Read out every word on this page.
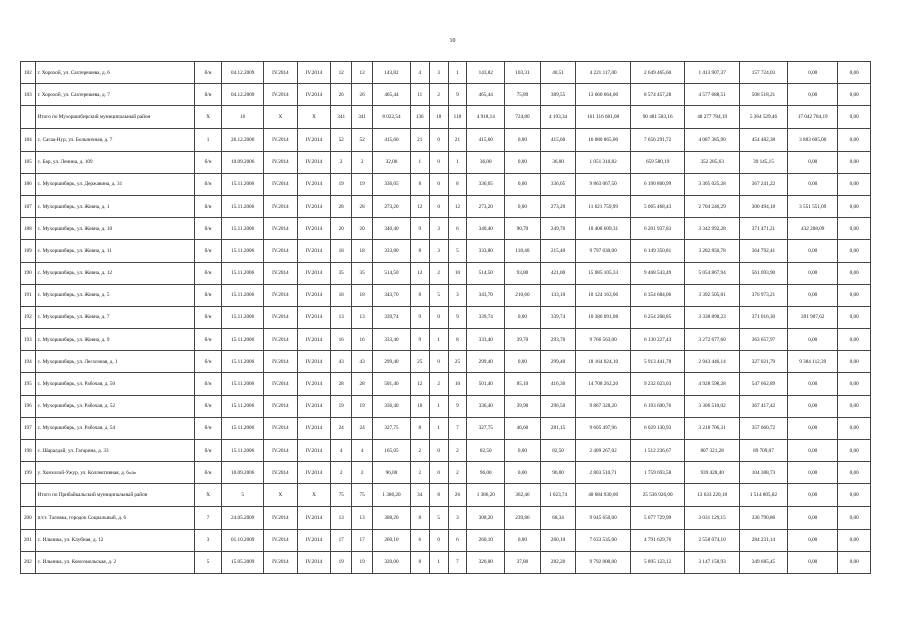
10
182	г. Хорохой, ул. Сахтерешева, д. 6	б/н	04.12.2009	IV.2014	IV.2014	12	12	143,82	4	3	1	143,82	103,31	40,51	4 221 117,00	2 649 465,60	1 413 907,37	157 724,03	0,00	0,00
183	г. Хорохой, ул. Сахтерешева, д. 7	б/н	04.12.2009	IV.2014	IV.2014	26	26	465,44	11	2	9	465,44	75,89	389,55	13 660 664,00	8 574 457,28	4 577 688,51	508 518,21	0,00	0,00
	Итого по Мухоршибирский муниципальный район	X	16	X	X	341	341	8 022,54	136	18	118	4 918,14	724,80	4 193,34	161 116 681,00	90 481 583,16	48 277 784,19	5 364 529,46	17 042 784,19	0,00
184	с. Сагаа-Нур, ул. Больничная, д. 7	1	26.12.2006	IV.2014	IV.2014	52	52	415,60	21	0	21	415,60	0,00	415,60	16 080 865,00	7 656 291,72	4 087 385,90	454 482,38	3 883 605,00	0,00
185	с. Бар, ул. Ленина, д. 109	б/н	10.09.2006	IV.2014	IV.2014	2	2	32,00	1	0	1	36,00	0,00	36,00	1 051 316,82	659 580,19	352 285,63	39 145,15	0,00	0,00
186	с. Мухоршибирь, ул. Державина, д. 31	б/н	15.11.2006	IV.2014	IV.2014	19	19	336,05	8	0	8	336,05	0,00	336,05	9 863 067,50	6 190 800,99	3 305 025,28	367 241,22	0,00	0,00
187	с. Мухоршибирь, ул. Жовна, д. 1	б/н	15.11.2006	IV.2014	IV.2014	28	28	273,20	12	0	12	273,20	0,00	273,20	11 621 759,99	5 065 468,43	2 704 246,29	300 494,18	3 551 551,09	0,00
188	с. Мухоршибирь, ул. Жовна, д. 10	б/н	15.11.2006	IV.2014	IV.2014	20	20	340,40	9	3	6	340,40	90,70	249,70	10 408 609,31	6 201 937,83	3 342 992,28	371 471,21	432 208,09	0,00
189	с. Мухоршибирь, ул. Жовна, д. 11	б/н	15.11.2006	IV.2014	IV.2014	18	18	333,80	8	3	5	333,80	118,40	215,40	9 797 030,00	6 149 350,81	3 282 856,78	364 792,41	0,00	0,00
190	с. Мухоршибирь, ул. Жовна, д. 12	б/н	15.11.2006	IV.2014	IV.2014	35	35	514,50	12	2	10	514,50	93,80	421,00	15 085 105,33	9 468 543,49	5 054 867,94	561 693,90	0,00	0,00
191	с. Мухоршибирь, ул. Жовна, д. 5	б/н	15.11.2006	IV.2014	IV.2014	18	18	343,70	8	5	3	343,70	210,60	133,10	10 124 163,06	6 354 684,06	3 392 505,81	376 973,21	0,00	0,00
192	с. Мухоршибирь, ул. Жовна, д. 7	б/н	15.11.2006	IV.2014	IV.2014	13	13	339,74	9	0	9	339,74	0,00	339,74	10 386 091,08	6 254 268,85	3 338 898,23	371 016,30	391 907,62	0,00
193	с. Мухоршибирь, ул. Жовна, д. 9	б/н	15.11.2006	IV.2014	IV.2014	16	16	333,40	9	1	8	333,40	39,70	293,70	9 766 563,00	6 130 227,43	3 272 677,60	363 657,97	0,00	0,00
194	с. Мухоршибирь, ул. Лесхозная, д. 1	б/н	15.11.2006	IV.2014	IV.2014	43	43	299,40	25	0	25	299,40	0,00	299,40	18 164 024,10	5 913 441,78	2 943 446,14	327 021,79	9 384 112,39	0,00
195	с. Мухоршибирь, ул. Рабочая, д. 50	б/н	15.11.2006	IV.2014	IV.2014	28	28	501,40	12	2	10	501,40	85,10	416,30	14 708 262,20	9 232 023,03	4 928 598,28	547 662,89	0,00	0,00
196	с. Мухоршибирь, ул. Рабочая, д. 52	б/н	15.11.2006	IV.2014	IV.2014	19	19	336,40	10	1	9	336,40	39,90	296,50	9 867 328,20	6 193 600,76	3 306 510,02	367 417,42	0,00	0,00
197	с. Мухоршибирь, ул. Рабочая, д. 54	б/н	15.11.2006	IV.2014	IV.2014	24	24	327,75	8	1	7	327,75	46,60	281,15	9 605 497,96	6 029 130,93	3 218 706,31	357 660,72	0,00	0,00
198	с. Шаралдай, ул. Гагарина, д. 33	б/н	15.11.2006	IV.2014	IV.2014	4	4	165,05	2	0	2	82,50	0,00	82,50	2 409 267,02	1 512 236,67	807 321,28	89 709,07	0,00	0,00
199	у. Хонхолой-Ужур, ул. Коллективная, д. 6«а»	б/н	10.09.2006	IV.2014	IV.2014	2	2	96,00	2	0	2	96,00	0,00	96,00	2 803 510,71	1 759 693,58	939 428,40	104 388,73	0,00	0,00
	Итого по Прибайкальский муниципальный район	X	5	X	X	75	75	1 386,20	34	8	26	1 386,20	362,46	1 023,74	40 684 930,00	25 536 926,00	13 633 220,18	1 514 805,82	0,00	0,00
200	п/ст. Таловка, городок Социальный, д. 6	7	24.05.2009	IV.2014	IV.2014	13	13	308,20	8	5	3	308,20	239,86	68,34	9 045 650,00	5 677 729,99	3 031 129,15	336 790,86	0,00	0,00
201	с. Ильинка, ул. Клубная, д. 12	3	01.10.2009	IV.2014	IV.2014	17	17	260,10	6	0	6	260,10	0,00	260,10	7 633 535,00	4 791 629,76	2 558 074,10	284 231,14	0,00	0,00
202	с. Ильинка, ул. Комсомольская, д. 2	5	15.05.2009	IV.2014	IV.2014	19	19	320,00	8	1	7	320,00	37,80	282,20	9 792 000,00	5 895 123,12	3 147 158,93	349 685,45	0,00	0,00
